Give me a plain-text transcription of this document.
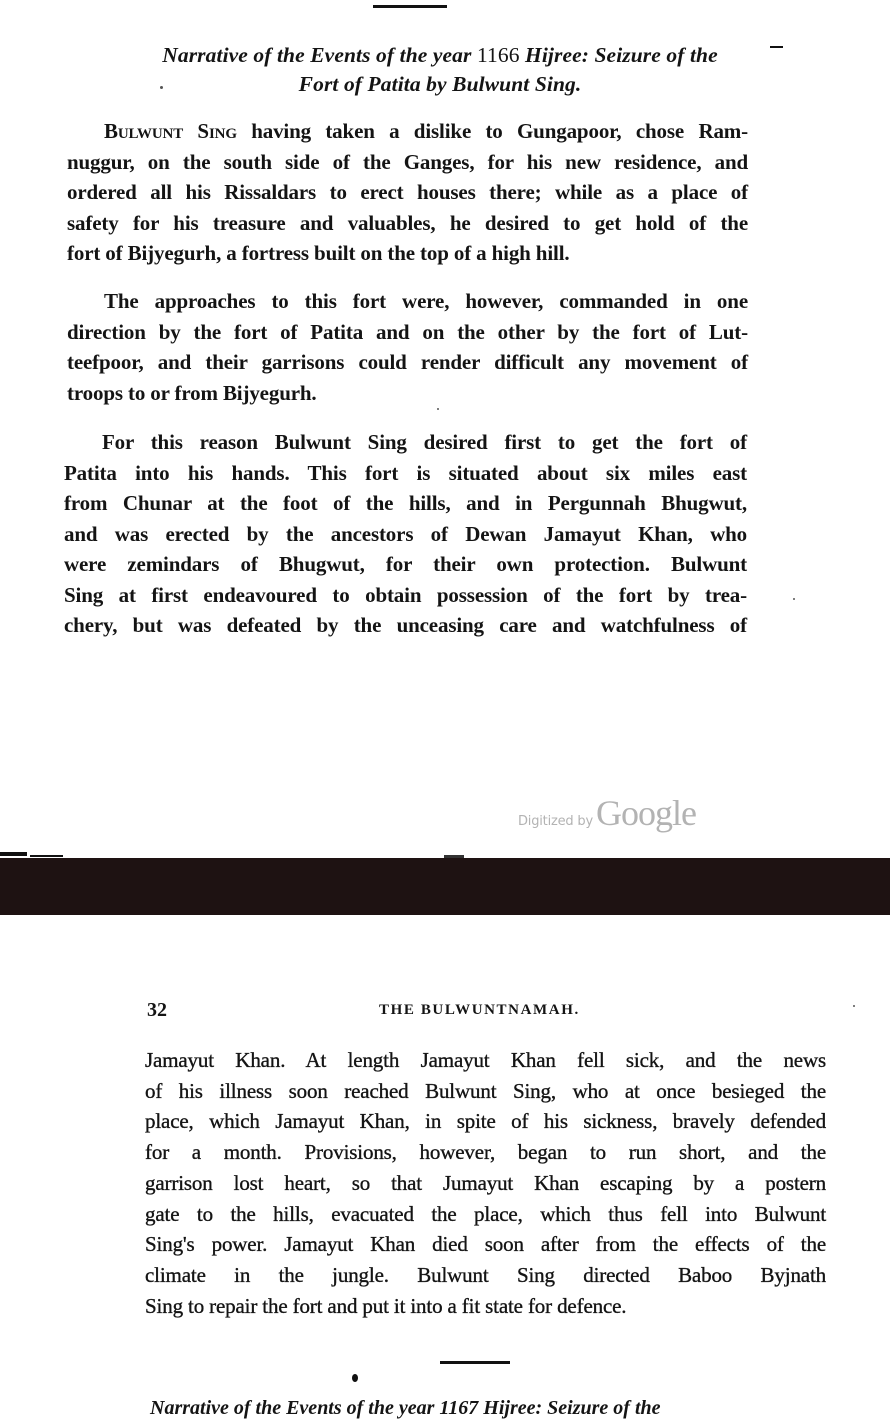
Narrative of the Events of the year 1166 Hijree: Seizure of the
Fort of Patita by Bulwunt Sing.
Bulwunt Sing having taken a dislike to Gungapoor, chose Ram-
nuggur, on the south side of the Ganges, for his new residence, and
ordered all his Rissaldars to erect houses there; while as a place of
safety for his treasure and valuables, he desired to get hold of the
fort of Bijyegurh, a fortress built on the top of a high hill.
The approaches to this fort were, however, commanded in one
direction by the fort of Patita and on the other by the fort of Lut-
teefpoor, and their garrisons could render difficult any movement of
troops to or from Bijyegurh.
For this reason Bulwunt Sing desired first to get the fort of
Patita into his hands. This fort is situated about six miles east
from Chunar at the foot of the hills, and in Pergunnah Bhugwut,
and was erected by the ancestors of Dewan Jamayut Khan, who
were zemindars of Bhugwut, for their own protection. Bulwunt
Sing at first endeavoured to obtain possession of the fort by trea-
chery, but was defeated by the unceasing care and watchfulness of
Digitized by Google
32	THE BULWUNTNAMAH.
Jamayut Khan. At length Jamayut Khan fell sick, and the news
of his illness soon reached Bulwunt Sing, who at once besieged the
place, which Jamayut Khan, in spite of his sickness, bravely defended
for a month. Provisions, however, began to run short, and the
garrison lost heart, so that Jumayut Khan escaping by a postern
gate to the hills, evacuated the place, which thus fell into Bulwunt
Sing's power. Jamayut Khan died soon after from the effects of the
climate in the jungle. Bulwunt Sing directed Baboo Byjnath
Sing to repair the fort and put it into a fit state for defence.
Narrative of the Events of the year 1167 Hijree: Seizure of the
